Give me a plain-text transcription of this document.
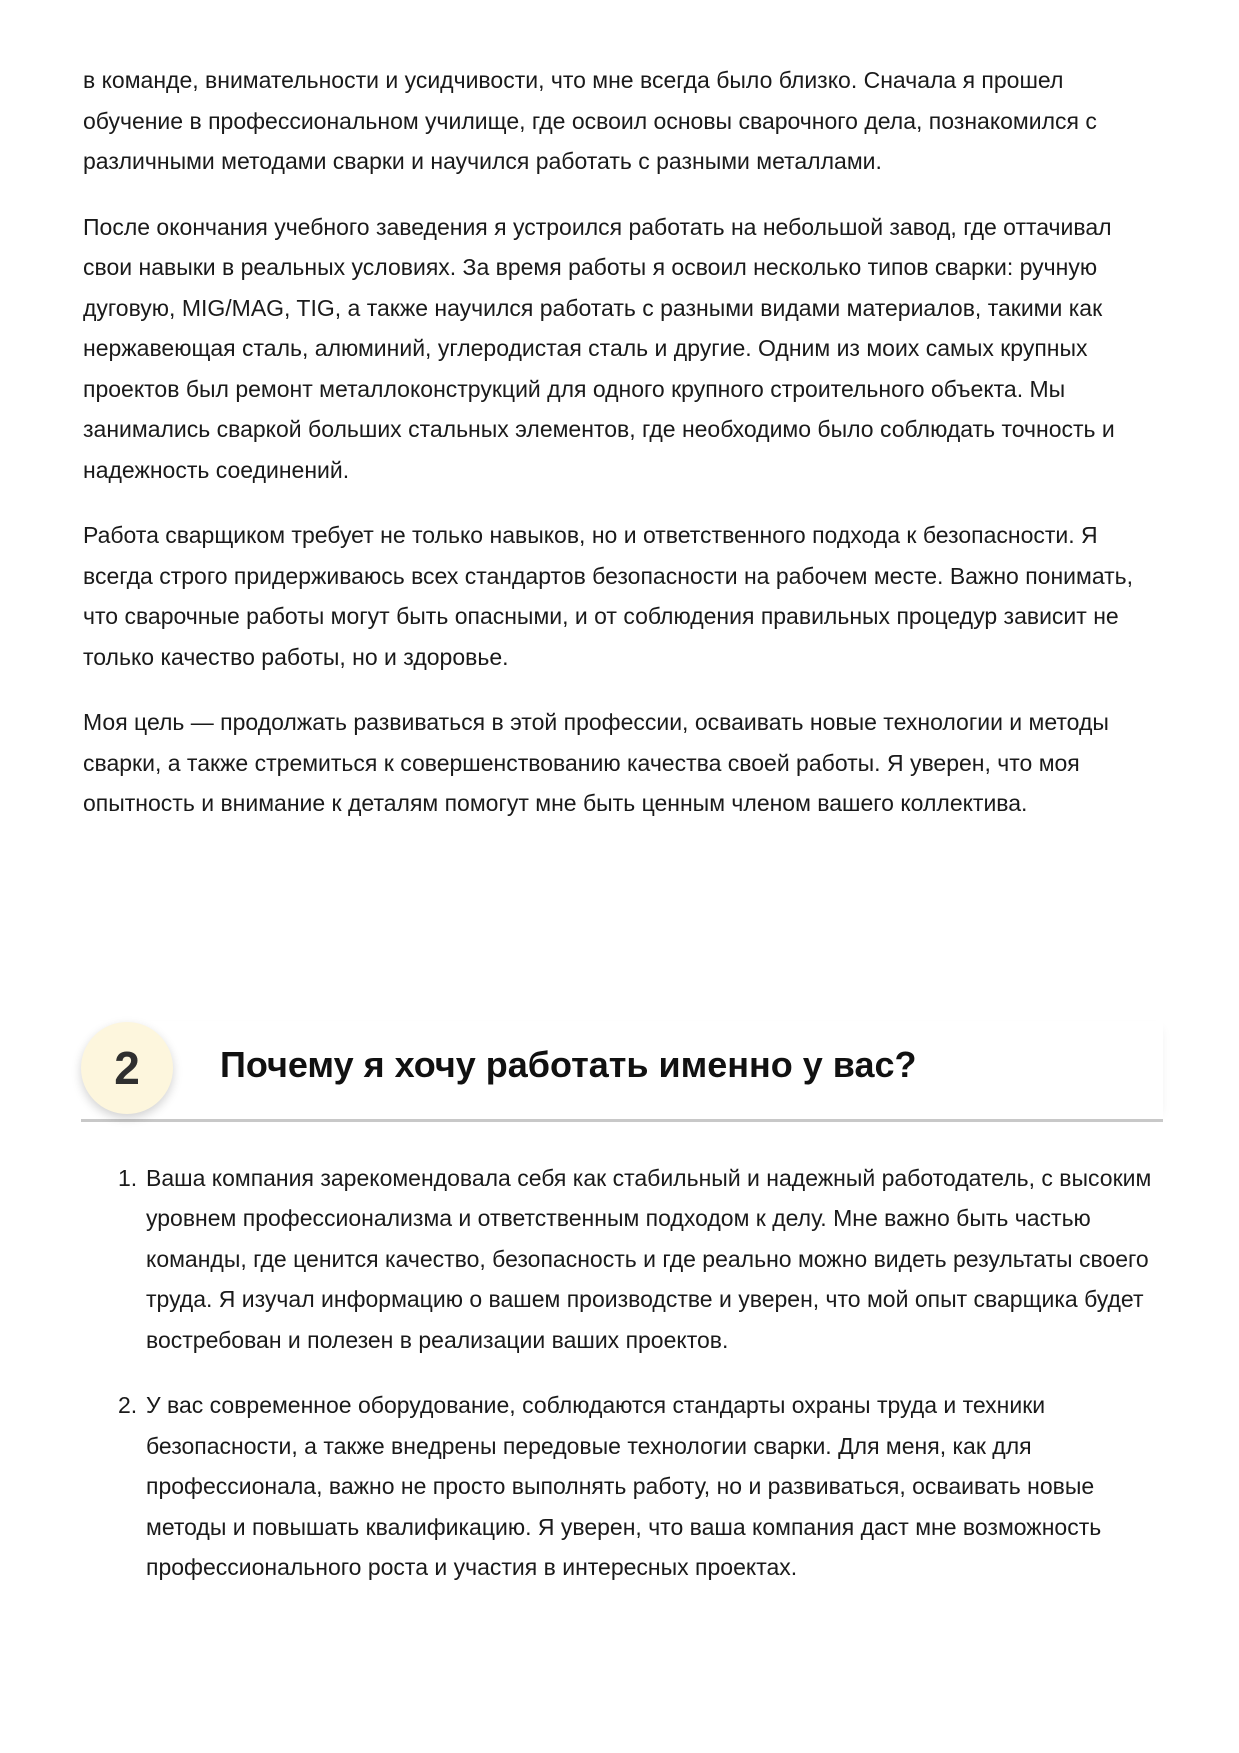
в команде, внимательности и усидчивости, что мне всегда было близко. Сначала я прошел обучение в профессиональном училище, где освоил основы сварочного дела, познакомился с различными методами сварки и научился работать с разными металлами.

После окончания учебного заведения я устроился работать на небольшой завод, где оттачивал свои навыки в реальных условиях. За время работы я освоил несколько типов сварки: ручную дуговую, MIG/MAG, TIG, а также научился работать с разными видами материалов, такими как нержавеющая сталь, алюминий, углеродистая сталь и другие. Одним из моих самых крупных проектов был ремонт металлоконструкций для одного крупного строительного объекта. Мы занимались сваркой больших стальных элементов, где необходимо было соблюдать точность и надежность соединений.

Работа сварщиком требует не только навыков, но и ответственного подхода к безопасности. Я всегда строго придерживаюсь всех стандартов безопасности на рабочем месте. Важно понимать, что сварочные работы могут быть опасными, и от соблюдения правильных процедур зависит не только качество работы, но и здоровье.

Моя цель — продолжать развиваться в этой профессии, осваивать новые технологии и методы сварки, а также стремиться к совершенствованию качества своей работы. Я уверен, что моя опытность и внимание к деталям помогут мне быть ценным членом вашего коллектива.

2	Почему я хочу работать именно у вас?
1. Ваша компания зарекомендовала себя как стабильный и надежный работодатель, с высоким уровнем профессионализма и ответственным подходом к делу. Мне важно быть частью команды, где ценится качество, безопасность и где реально можно видеть результаты своего труда. Я изучал информацию о вашем производстве и уверен, что мой опыт сварщика будет востребован и полезен в реализации ваших проектов.
2. У вас современное оборудование, соблюдаются стандарты охраны труда и техники безопасности, а также внедрены передовые технологии сварки. Для меня, как для профессионала, важно не просто выполнять работу, но и развиваться, осваивать новые методы и повышать квалификацию. Я уверен, что ваша компания даст мне возможность профессионального роста и участия в интересных проектах.
